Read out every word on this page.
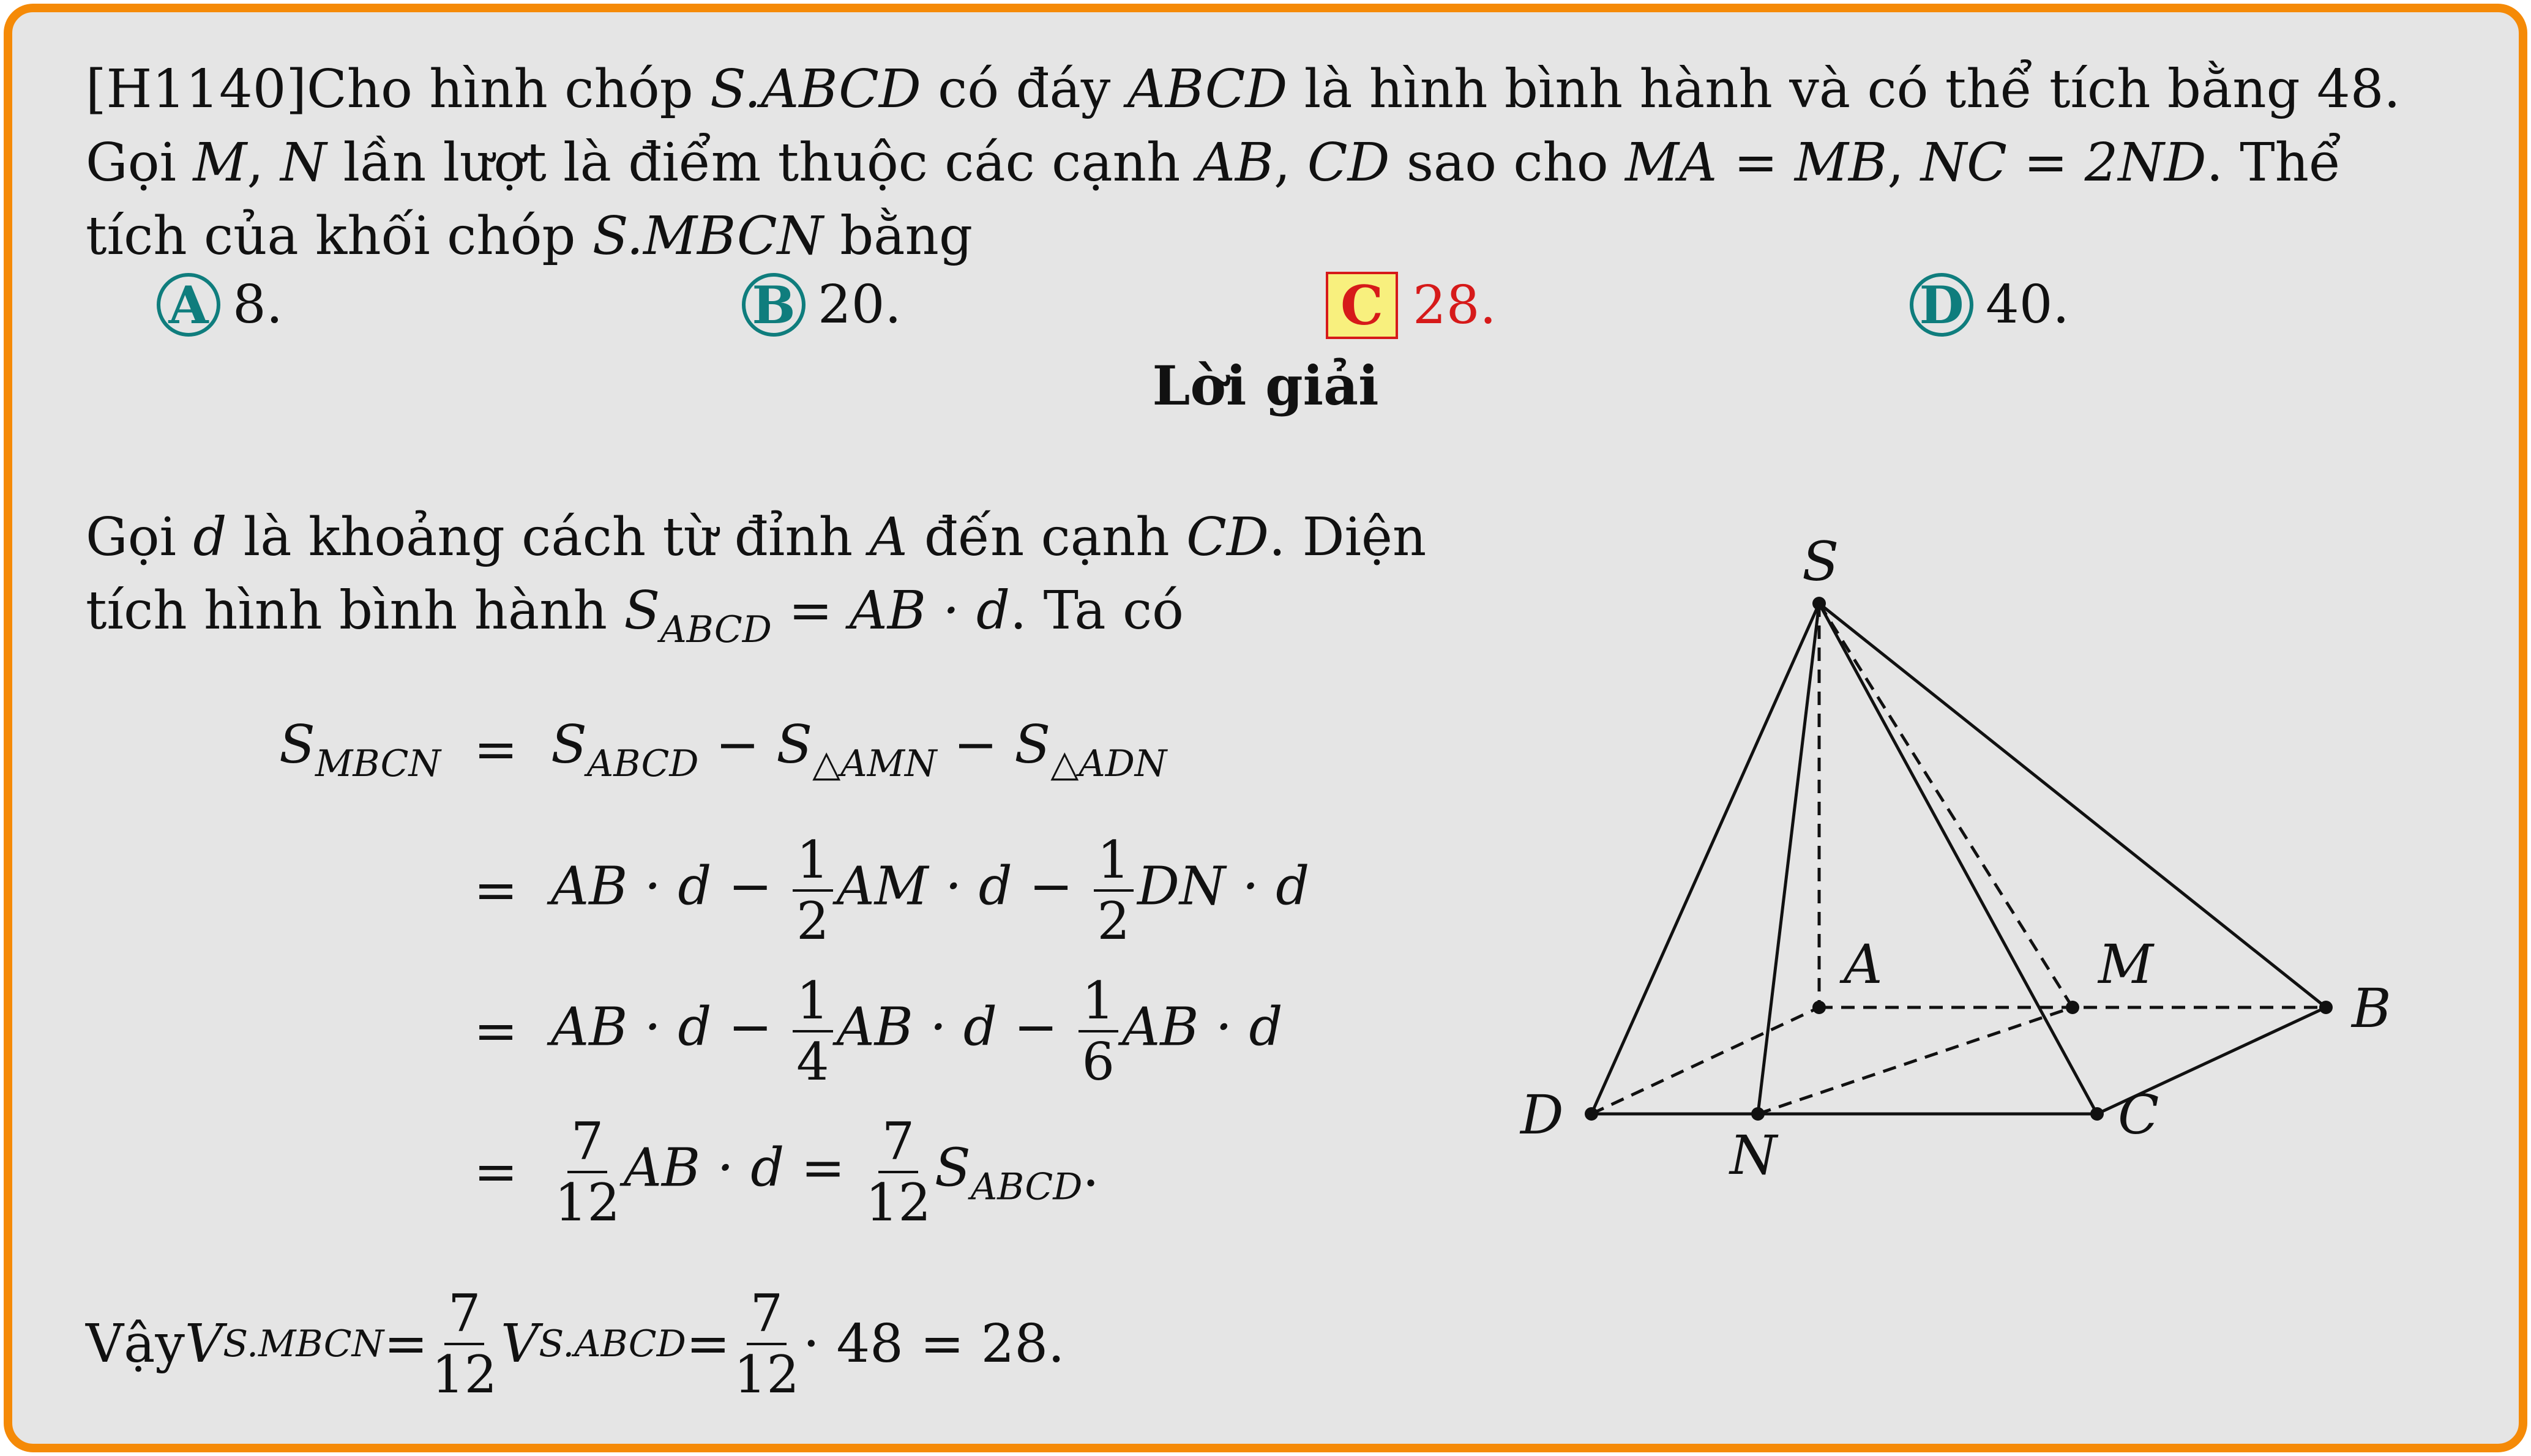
[H1140]Cho hình chóp S.ABCD có đáy ABCD là hình bình hành và có thể tích bằng 48.
Gọi M, N lần lượt là điểm thuộc các cạnh AB, CD sao cho MA = MB, NC = 2ND. Thể
tích của khối chóp S.MBCN bằng
A 8.	B 20.	C 28.	D 40.
Lời giải
Gọi d là khoảng cách từ đỉnh A đến cạnh CD. Diện
tích hình bình hành $S_{ABCD}$ = AB · d. Ta có
$S_{MBCN} = S_{ABCD} - S_{\triangle AMN} - S_{\triangle ADN}$
= AB · $d - \frac{1}{2}$ AM · $d - \frac{1}{2}$ DN · d
= AB · $d - \frac{1}{4}$ AB · $d - \frac{1}{6}$ AB · d
= $\frac{7}{12}$ AB · $d = \frac{7}{12} S_{ABCD}$.
Vậy V S.MBCN = $\frac{7}{12}$ V S.ABCD = $\frac{7}{12} \cdot 48 = 28$.
S
A	M
B
C
D
N
